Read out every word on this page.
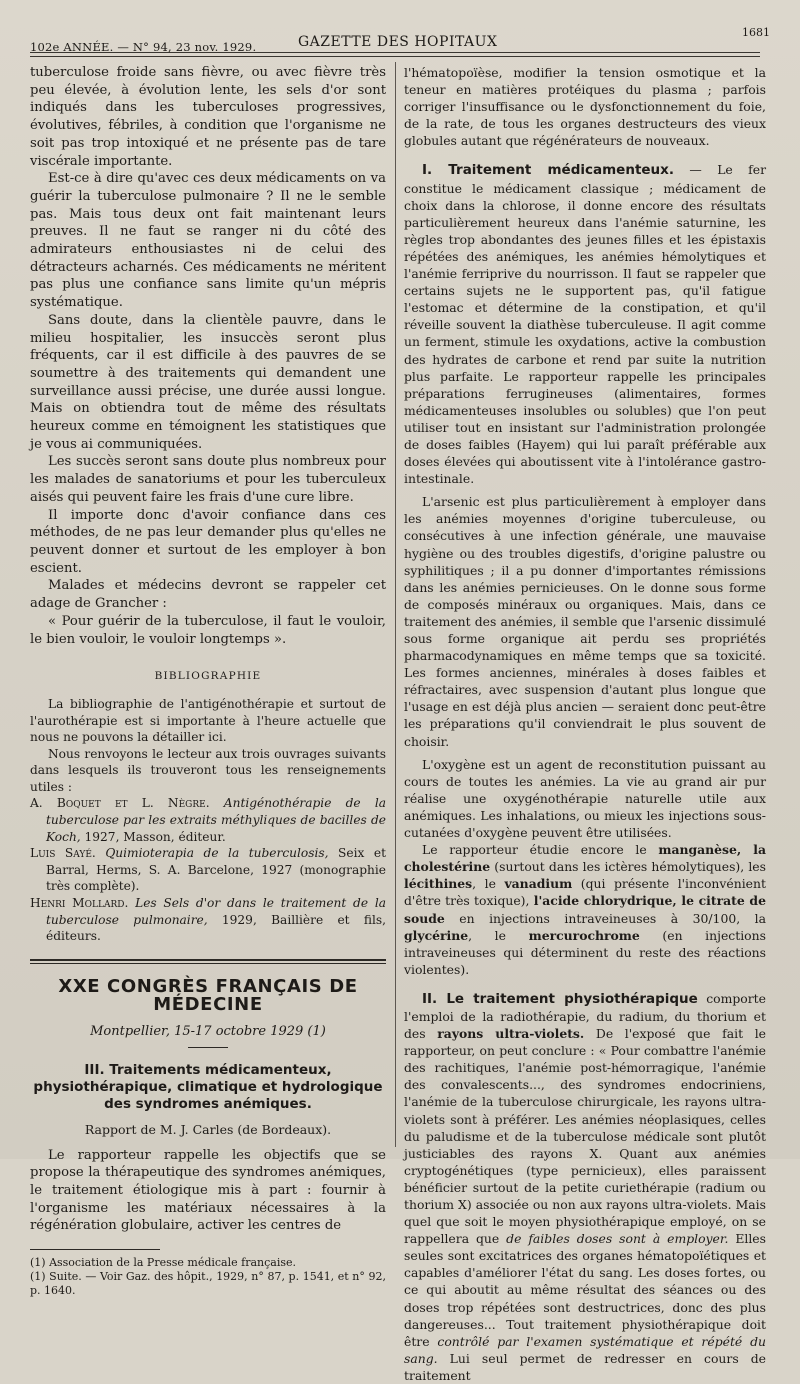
102e ANNÉE. — N° 94, 23 nov. 1929.	GAZETTE DES HOPITAUX
1681

tuberculose froide sans fièvre, ou avec fièvre très peu élevée, à évolution lente, les sels d'or sont indiqués dans les tuberculoses progressives, évolutives, fébriles, à condition que l'organisme ne soit pas trop intoxiqué et ne présente pas de tare viscérale importante.

Est-ce à dire qu'avec ces deux médicaments on va guérir la tuberculose pulmonaire ? Il ne le semble pas. Mais tous deux ont fait maintenant leurs preuves. Il ne faut se ranger ni du côté des admirateurs enthousiastes ni de celui des détracteurs acharnés. Ces médicaments ne méritent pas plus une confiance sans limite qu'un mépris systématique.

Sans doute, dans la clientèle pauvre, dans le milieu hospitalier, les insuccès seront plus fréquents, car il est difficile à des pauvres de se soumettre à des traitements qui demandent une surveillance aussi précise, une durée aussi longue. Mais on obtiendra tout de même des résultats heureux comme en témoignent les statistiques que je vous ai communiquées.

Les succès seront sans doute plus nombreux pour les malades de sanatoriums et pour les tuberculeux aisés qui peuvent faire les frais d'une cure libre.

Il importe donc d'avoir confiance dans ces méthodes, de ne pas leur demander plus qu'elles ne peuvent donner et surtout de les employer à bon escient.

Malades et médecins devront se rappeler cet adage de Grancher :

« Pour guérir de la tuberculose, il faut le vouloir, le bien vouloir, le vouloir longtemps ».

BIBLIOGRAPHIE

La bibliographie de l'antigénothérapie et surtout de l'aurothérapie est si importante à l'heure actuelle que nous ne pouvons la détailler ici.

Nous renvoyons le lecteur aux trois ouvrages suivants dans lesquels ils trouveront tous les renseignements utiles :

A. Boquet et L. Nègre. Antigénothérapie de la tuberculose par les extraits méthyliques de bacilles de Koch, 1927, Masson, éditeur.

Luis Sayé. Quimioterapia de la tuberculosis, Seix et Barral, Herms, S. A. Barcelone, 1927 (monographie très complète).

Henri Mollard. Les Sels d'or dans le traitement de la tuberculose pulmonaire, 1929, Baillière et fils, éditeurs.

XXE CONGRÈS FRANÇAIS DE MÉDECINE
Montpellier, 15-17 octobre 1929 (1)
III. Traitements médicamenteux, physiothérapique, climatique et hydrologique des syndromes anémiques.
Rapport de M. J. Carles (de Bordeaux).

Le rapporteur rappelle les objectifs que se propose la thérapeutique des syndromes anémiques, le traitement étiologique mis à part : fournir à l'organisme les matériaux nécessaires à la régénération globulaire, activer les centres de

(1) Association de la Presse médicale française.

(1) Suite. — Voir Gaz. des hôpit., 1929, n° 87, p. 1541, et n° 92, p. 1640.

l'hématopoïèse, modifier la tension osmotique et la teneur en matières protéiques du plasma ; parfois corriger l'insuffisance ou le dysfonctionnement du foie, de la rate, de tous les organes destructeurs des vieux globules autant que régénérateurs de nouveaux.

I. Traitement médicamenteux. — Le fer constitue le médicament classique ; médicament de choix dans la chlorose, il donne encore des résultats particulièrement heureux dans l'anémie saturnine, les règles trop abondantes des jeunes filles et les épistaxis répétées des anémiques, les anémies hémolytiques et l'anémie ferriprive du nourrisson. Il faut se rappeler que certains sujets ne le supportent pas, qu'il fatigue l'estomac et détermine de la constipation, et qu'il réveille souvent la diathèse tuberculeuse. Il agit comme un ferment, stimule les oxydations, active la combustion des hydrates de carbone et rend par suite la nutrition plus parfaite. Le rapporteur rappelle les principales préparations ferrugineuses (alimentaires, formes médicamenteuses insolubles ou solubles) que l'on peut utiliser tout en insistant sur l'administration prolongée de doses faibles (Hayem) qui lui paraît préférable aux doses élevées qui aboutissent vite à l'intolérance gastro-intestinale.

L'arsenic est plus particulièrement à employer dans les anémies moyennes d'origine tuberculeuse, ou consécutives à une infection générale, une mauvaise hygiène ou des troubles digestifs, d'origine palustre ou syphilitiques ; il a pu donner d'importantes rémissions dans les anémies pernicieuses. On le donne sous forme de composés minéraux ou organiques. Mais, dans ce traitement des anémies, il semble que l'arsenic dissimulé sous forme organique ait perdu ses propriétés pharmacodynamiques en même temps que sa toxicité. Les formes anciennes, minérales à doses faibles et réfractaires, avec suspension d'autant plus longue que l'usage en est déjà plus ancien — seraient donc peut-être les préparations qu'il conviendrait le plus souvent de choisir.

L'oxygène est un agent de reconstitution puissant au cours de toutes les anémies. La vie au grand air pur réalise une oxygénothérapie naturelle utile aux anémiques. Les inhalations, ou mieux les injections sous-cutanées d'oxygène peuvent être utilisées.

Le rapporteur étudie encore le manganèse, la cholestérine (surtout dans les ictères hémolytiques), les lécithines, le vanadium (qui présente l'inconvénient d'être très toxique), l'acide chlorydrique, le citrate de soude en injections intraveineuses à 30/100, la glycérine, le mercurochrome (en injections intraveineuses qui déterminent du reste des réactions violentes).

II. Le traitement physiothérapique comporte l'emploi de la radiothérapie, du radium, du thorium et des rayons ultra-violets. De l'exposé que fait le rapporteur, on peut conclure : « Pour combattre l'anémie des rachitiques, l'anémie post-hémorragique, l'anémie des convalescents..., des syndromes endocriniens, l'anémie de la tuberculose chirurgicale, les rayons ultra-violets sont à préférer. Les anémies néoplasiques, celles du paludisme et de la tuberculose médicale sont plutôt justiciables des rayons X. Quant aux anémies cryptogénétiques (type pernicieux), elles paraissent bénéficier surtout de la petite curiethérapie (radium ou thorium X) associée ou non aux rayons ultra-violets. Mais quel que soit le moyen physiothérapique employé, on se rappellera que de faibles doses sont à employer. Elles seules sont excitatrices des organes hématopoïétiques et capables d'améliorer l'état du sang. Les doses fortes, ou ce qui aboutit au même résultat des séances ou des doses trop répétées sont destructrices, donc des plus dangereuses... Tout traitement physiothérapique doit être contrôlé par l'examen systématique et répété du sang. Lui seul permet de redresser en cours de traitement
